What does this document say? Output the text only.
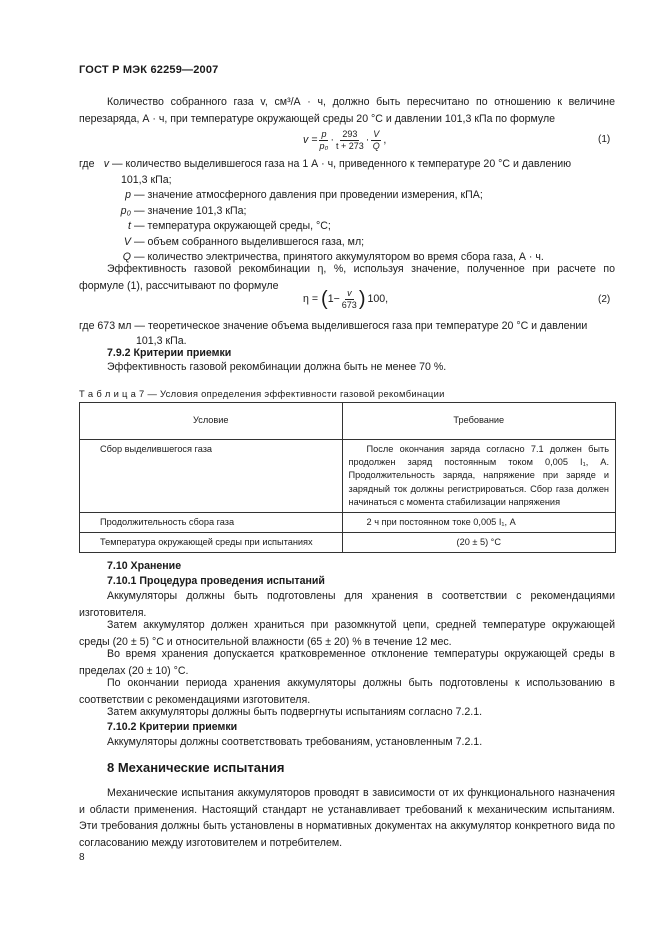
ГОСТ Р МЭК 62259—2007
Количество собранного газа v, см³/А · ч, должно быть пересчитано по отношению к величине перезаряда, А · ч, при температуре окружающей среды 20 °С и давлении 101,3 кПа по формуле
$v = \frac{p}{\text{p₀}} \cdot \frac{293}{t + 273} \cdot \frac{V}{Q}$ ,	(1)
где v — количество выделившегося газа на 1 А · ч, приведенного к температуре 20 °С и давлению
101,3 кПа;
p — значение атмосферного давления при проведении измерения, кПА;
p₀ — значение 101,3 кПа;
t — температура окружающей среды, °С;
V — объем собранного выделившегося газа, мл;
Q — количество электричества, принятого аккумулятором во время сбора газа, А · ч.
Эффективность газовой рекомбинации η, %, используя значение, полученное при расчете по формуле (1), рассчитывают по формуле
η = ( $1- \frac{v}{673}$ ) 100,	(2)
где 673 мл — теоретическое значение объема выделившегося газа при температуре 20 °С и давлении
101,3 кПа.
7.9.2 Критерии приемки
Эффективность газовой рекомбинации должна быть не менее 70 %.
Т а б л и ц а 7 — Условия определения эффективности газовой рекомбинации
Условие	Требование
Сбор выделившегося газа	После окончания заряда согласно 7.1 должен быть продолжен заряд постоянным током 0,005 I₁, А. Продолжительность заряда, напряжение при заряде и зарядный ток должны регистрироваться. Сбор газа должен начинаться с момента стабилизации напряжения
Продолжительность сбора газа	2 ч при постоянном токе 0,005 I₁, А
Температура окружающей среды при испытаниях	(20 ± 5) °С
7.10 Хранение
7.10.1 Процедура проведения испытаний
Аккумуляторы должны быть подготовлены для хранения в соответствии с рекомендациями изготовителя.
Затем аккумулятор должен храниться при разомкнутой цепи, средней температуре окружающей среды (20 ± 5) °С и относительной влажности (65 ± 20) % в течение 12 мес.
Во время хранения допускается кратковременное отклонение температуры окружающей среды в пределах (20 ± 10) °С.
По окончании периода хранения аккумуляторы должны быть подготовлены к использованию в соответствии с рекомендациями изготовителя.
Затем аккумуляторы должны быть подвергнуты испытаниям согласно 7.2.1.
7.10.2 Критерии приемки
Аккумуляторы должны соответствовать требованиям, установленным 7.2.1.
8 Механические испытания
Механические испытания аккумуляторов проводят в зависимости от их функционального назначения и области применения. Настоящий стандарт не устанавливает требований к механическим испытаниям. Эти требования должны быть установлены в нормативных документах на аккумулятор конкретного вида по согласованию между изготовителем и потребителем.
8
